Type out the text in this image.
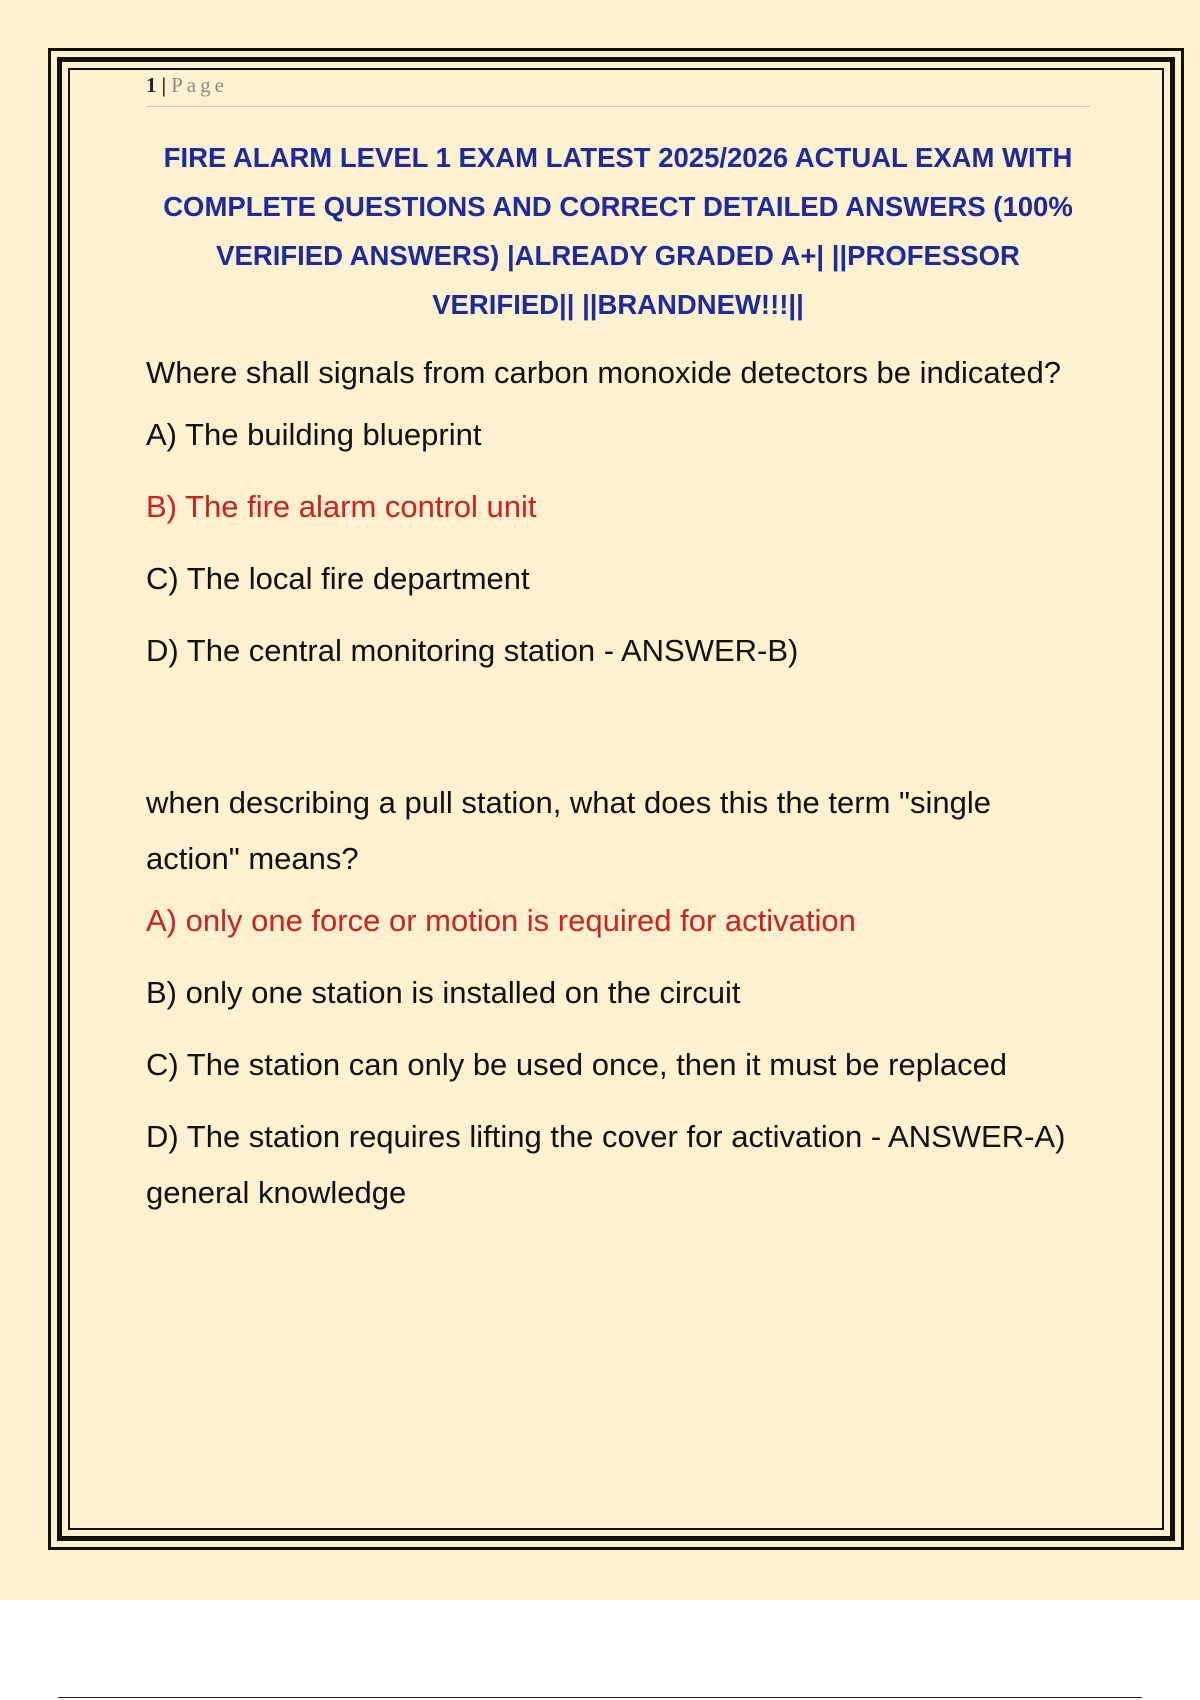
1 | Page
FIRE ALARM LEVEL 1 EXAM LATEST 2025/2026 ACTUAL EXAM WITH COMPLETE QUESTIONS AND CORRECT DETAILED ANSWERS (100% VERIFIED ANSWERS) |ALREADY GRADED A+| ||PROFESSOR VERIFIED|| ||BRANDNEW!!!||
Where shall signals from carbon monoxide detectors be indicated?
A) The building blueprint
B) The fire alarm control unit
C) The local fire department
D) The central monitoring station - ANSWER-B)
when describing a pull station, what does this the term "single action" means?
A) only one force or motion is required for activation
B) only one station is installed on the circuit
C) The station can only be used once, then it must be replaced
D) The station requires lifting the cover for activation - ANSWER-A) general knowledge
